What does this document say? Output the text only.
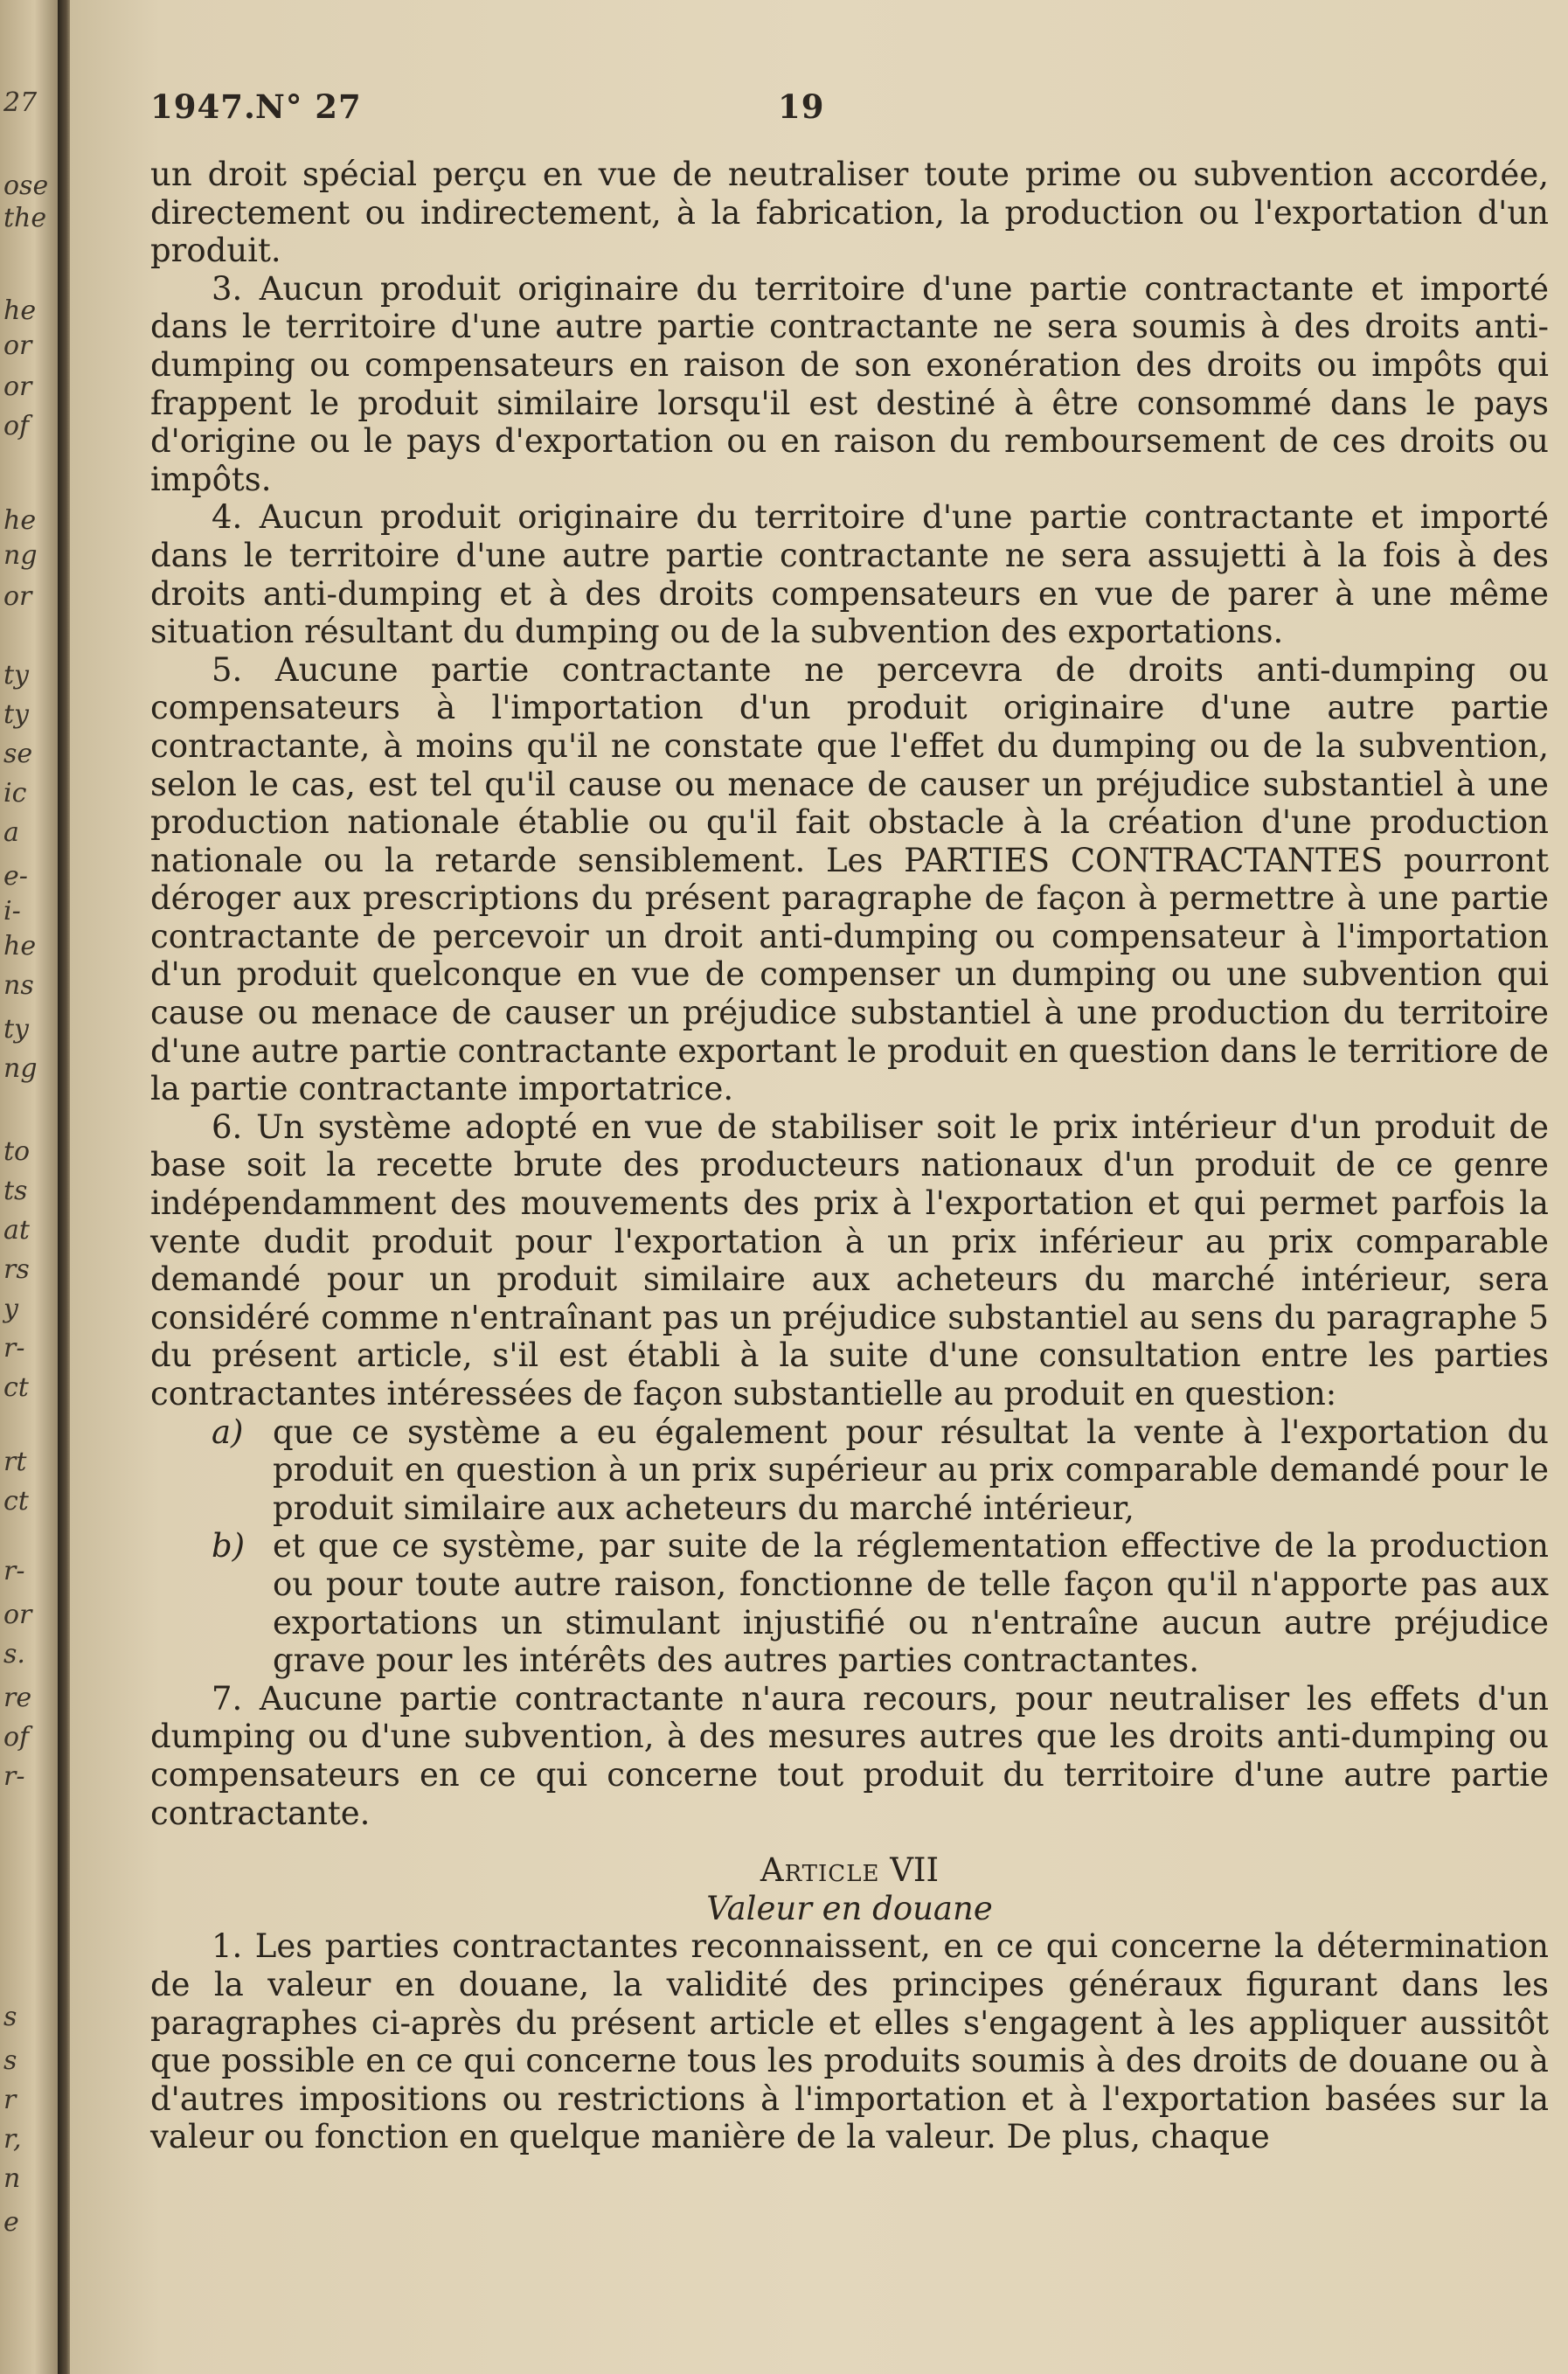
27
ose
the
he
or
or
of
he
ng
or
ty
ty
se
ic
a
e-
i-
he
ns
ty
ng
to
ts
at
rs
y
r-
ct
rt
ct
r-
or
s.
re
of
r-
s
s
r
r,
n
e
1947. N° 27	19

un droit spécial perçu en vue de neutraliser toute prime ou subvention accordée, directement ou indirectement, à la fabrication, la production ou l'exportation d'un produit.

3. Aucun produit originaire du territoire d'une partie contractante et importé dans le territoire d'une autre partie contractante ne sera soumis à des droits anti-dumping ou compensateurs en raison de son exonération des droits ou impôts qui frappent le produit similaire lorsqu'il est destiné à être consommé dans le pays d'origine ou le pays d'exportation ou en raison du remboursement de ces droits ou impôts.

4. Aucun produit originaire du territoire d'une partie contractante et importé dans le territoire d'une autre partie contractante ne sera assujetti à la fois à des droits anti-dumping et à des droits compensateurs en vue de parer à une même situation résultant du dumping ou de la subvention des exportations.

5. Aucune partie contractante ne percevra de droits anti-dumping ou compensateurs à l'importation d'un produit originaire d'une autre partie contractante, à moins qu'il ne constate que l'effet du dumping ou de la subvention, selon le cas, est tel qu'il cause ou menace de causer un préjudice substantiel à une production nationale établie ou qu'il fait obstacle à la création d'une production nationale ou la retarde sensiblement. Les PARTIES CONTRACTANTES pourront déroger aux prescriptions du présent paragraphe de façon à permettre à une partie contractante de percevoir un droit anti-dumping ou compensateur à l'importation d'un produit quelconque en vue de compenser un dumping ou une subvention qui cause ou menace de causer un préjudice substantiel à une production du territoire d'une autre partie contractante exportant le produit en question dans le territiore de la partie contractante importatrice.

6. Un système adopté en vue de stabiliser soit le prix intérieur d'un produit de base soit la recette brute des producteurs nationaux d'un produit de ce genre indépendamment des mouvements des prix à l'exportation et qui permet parfois la vente dudit produit pour l'exportation à un prix inférieur au prix comparable demandé pour un produit similaire aux acheteurs du marché intérieur, sera considéré comme n'entraînant pas un préjudice substantiel au sens du paragraphe 5 du présent article, s'il est établi à la suite d'une consultation entre les parties contractantes intéressées de façon substantielle au produit en question:

a) que ce système a eu également pour résultat la vente à l'exportation du produit en question à un prix supérieur au prix comparable demandé pour le produit similaire aux acheteurs du marché intérieur,
b) et que ce système, par suite de la réglementation effective de la production ou pour toute autre raison, fonctionne de telle façon qu'il n'apporte pas aux exportations un stimulant injustifié ou n'entraîne aucun autre préjudice grave pour les intérêts des autres parties contractantes.

7. Aucune partie contractante n'aura recours, pour neutraliser les effets d'un dumping ou d'une subvention, à des mesures autres que les droits anti-dumping ou compensateurs en ce qui concerne tout produit du territoire d'une autre partie contractante.

Article VII

Valeur en douane

1. Les parties contractantes reconnaissent, en ce qui concerne la détermination de la valeur en douane, la validité des principes généraux figurant dans les paragraphes ci-après du présent article et elles s'engagent à les appliquer aussitôt que possible en ce qui concerne tous les produits soumis à des droits de douane ou à d'autres impositions ou restrictions à l'importation et à l'exportation basées sur la valeur ou fonction en quelque manière de la valeur. De plus, chaque
